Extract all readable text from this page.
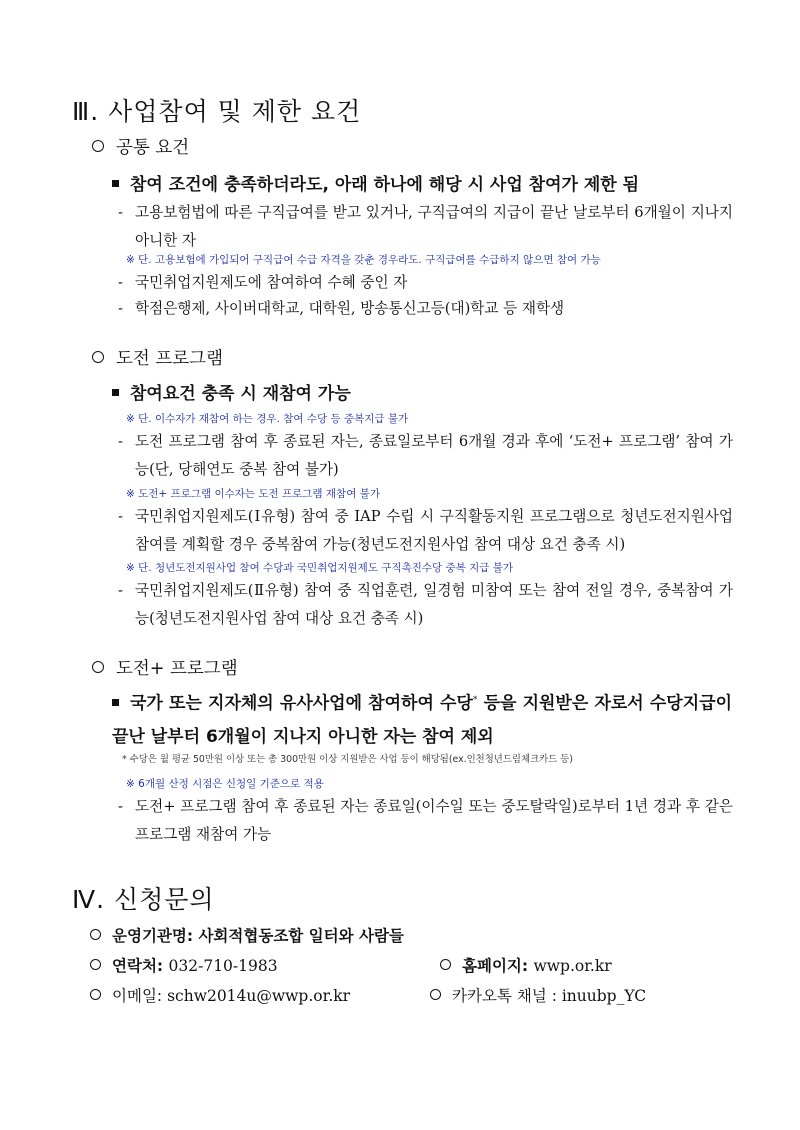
Ⅲ. 사업참여 및 제한 요건
공통 요건
참여 조건에 충족하더라도, 아래 하나에 해당 시 사업 참여가 제한 됨
- 고용보험법에 따른 구직급여를 받고 있거나, 구직급여의 지급이 끝난 날로부터 6개월이 지나지 아니한 자
※ 단. 고용보험에 가입되어 구직급여 수급 자격을 갖춘 경우라도. 구직급여를 수급하지 않으면 참여 가능
- 국민취업지원제도에 참여하여 수혜 중인 자
- 학점은행제, 사이버대학교, 대학원, 방송통신고등(대)학교 등 재학생
도전 프로그램
참여요건 충족 시 재참여 가능
※ 단. 이수자가 재참여 하는 경우. 참여 수당 등 중복지급 불가
- 도전 프로그램 참여 후 종료된 자는, 종료일로부터 6개월 경과 후에 ‘도전+ 프로그램’ 참여 가능(단, 당해연도 중복 참여 불가)
※ 도전+ 프로그램 이수자는 도전 프로그램 재참여 불가
- 국민취업지원제도(Ⅰ유형) 참여 중 IAP 수립 시 구직활동지원 프로그램으로 청년도전지원사업 참여를 계획할 경우 중복참여 가능(청년도전지원사업 참여 대상 요건 충족 시)
※ 단. 청년도전지원사업 참여 수당과 국민취업지원제도 구직촉진수당 중복 지급 불가
- 국민취업지원제도(Ⅱ유형) 참여 중 직업훈련, 일경험 미참여 또는 참여 전일 경우, 중복참여 가능(청년도전지원사업 참여 대상 요건 충족 시)
도전+ 프로그램
국가 또는 지자체의 유사사업에 참여하여 수당* 등을 지원받은 자로서 수당지급이 끝난 날부터 6개월이 지나지 아니한 자는 참여 제외
* 수당은 월 평균 50만원 이상 또는 총 300만원 이상 지원받은 사업 등이 해당됨(ex.인천청년드림체크카드 등)
※ 6개월 산정 시점은 신청일 기준으로 적용
- 도전+ 프로그램 참여 후 종료된 자는 종료일(이수일 또는 중도탈락일)로부터 1년 경과 후 같은 프로그램 재참여 가능
Ⅳ. 신청문의
운영기관명: 사회적협동조합 일터와 사람들
연락처: 032-710-1983	홈페이지: wwp.or.kr
이메일: schw2014u@wwp.or.kr	카카오톡 채널 : inuubp_YC
